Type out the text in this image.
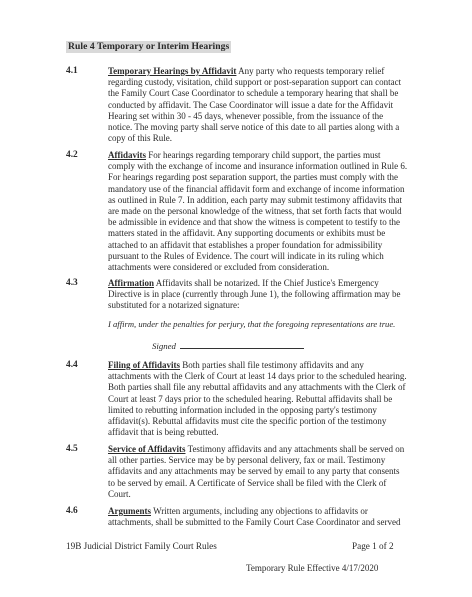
Rule 4 Temporary or Interim Hearings
4.1	Temporary Hearings by Affidavit Any party who requests temporary relief regarding custody, visitation, child support or post-separation support can contact the Family Court Case Coordinator to schedule a temporary hearing that shall be conducted by affidavit. The Case Coordinator will issue a date for the Affidavit Hearing set within 30 - 45 days, whenever possible, from the issuance of the notice. The moving party shall serve notice of this date to all parties along with a copy of this Rule.
4.2	Affidavits For hearings regarding temporary child support, the parties must comply with the exchange of income and insurance information outlined in Rule 6. For hearings regarding post separation support, the parties must comply with the mandatory use of the financial affidavit form and exchange of income information as outlined in Rule 7. In addition, each party may submit testimony affidavits that are made on the personal knowledge of the witness, that set forth facts that would be admissible in evidence and that show the witness is competent to testify to the matters stated in the affidavit. Any supporting documents or exhibits must be attached to an affidavit that establishes a proper foundation for admissibility pursuant to the Rules of Evidence. The court will indicate in its ruling which attachments were considered or excluded from consideration.
4.3	Affirmation Affidavits shall be notarized. If the Chief Justice's Emergency Directive is in place (currently through June 1), the following affirmation may be substituted for a notarized signature:
I affirm, under the penalties for perjury, that the foregoing representations are true.
Signed
4.4	Filing of Affidavits Both parties shall file testimony affidavits and any attachments with the Clerk of Court at least 14 days prior to the scheduled hearing. Both parties shall file any rebuttal affidavits and any attachments with the Clerk of Court at least 7 days prior to the scheduled hearing. Rebuttal affidavits shall be limited to rebutting information included in the opposing party's testimony affidavit(s). Rebuttal affidavits must cite the specific portion of the testimony affidavit that is being rebutted.
4.5	Service of Affidavits Testimony affidavits and any attachments shall be served on all other parties. Service may be by personal delivery, fax or mail. Testimony affidavits and any attachments may be served by email to any party that consents to be served by email. A Certificate of Service shall be filed with the Clerk of Court.
4.6	Arguments Written arguments, including any objections to affidavits or attachments, shall be submitted to the Family Court Case Coordinator and served
19B Judicial District Family Court Rules	Page 1 of 2
Temporary Rule Effective 4/17/2020
